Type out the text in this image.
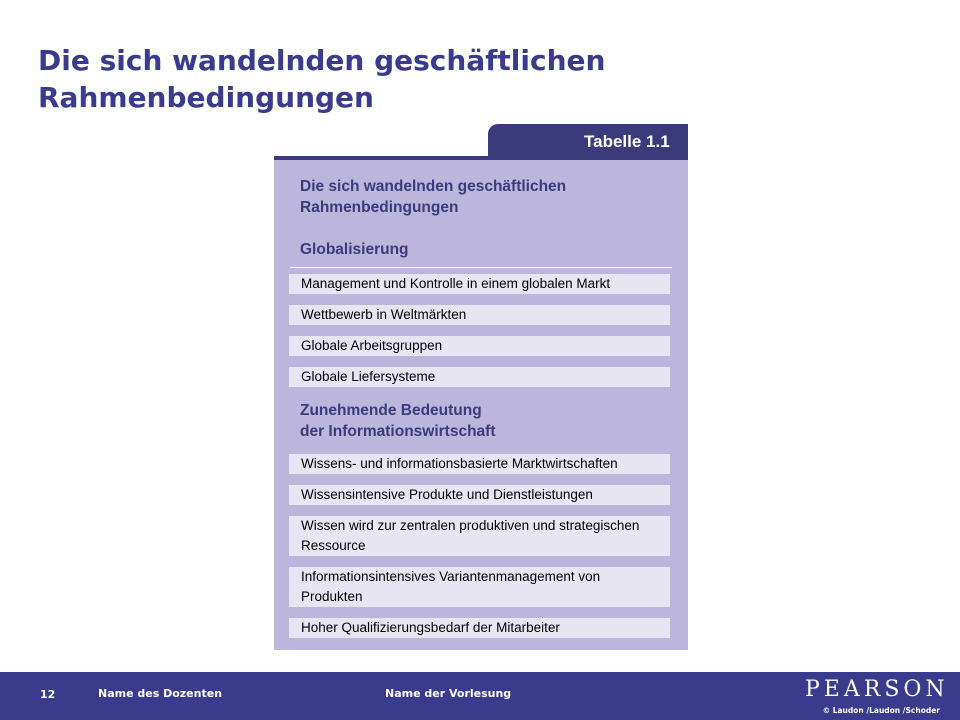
Die sich wandelnden geschäftlichen Rahmenbedingungen
Tabelle 1.1
Die sich wandelnden geschäftlichen
Rahmenbedingungen
Globalisierung
Management und Kontrolle in einem globalen Markt
Wettbewerb in Weltmärkten
Globale Arbeitsgruppen
Globale Liefersysteme
Zunehmende Bedeutung
der Informationswirtschaft
Wissens- und informationsbasierte Marktwirtschaften
Wissensintensive Produkte und Dienstleistungen
Wissen wird zur zentralen produktiven und strategischen
Ressource
Informationsintensives Variantenmanagement von
Produkten
Hoher Qualifizierungsbedarf der Mitarbeiter
12	Name des Dozenten	Name der Vorlesung	PEARSON
© Laudon /Laudon /Schoder
